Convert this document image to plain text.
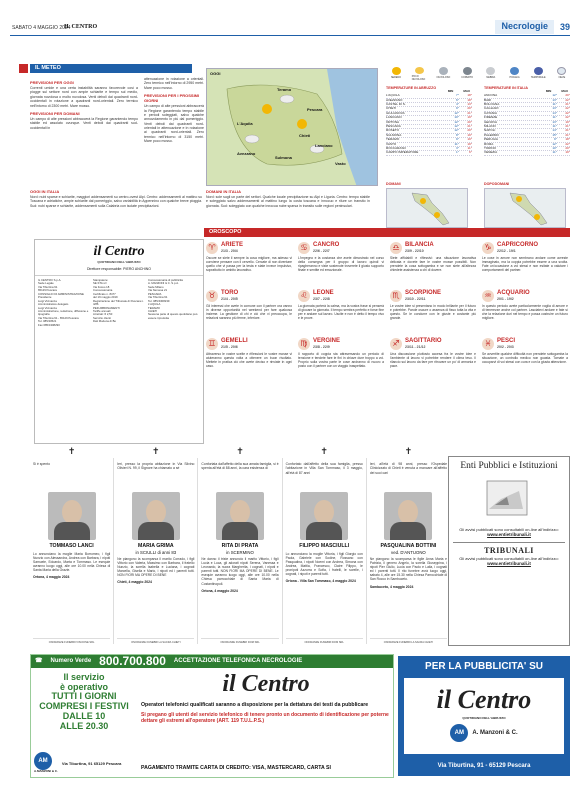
SABATO 4 MAGGIO 2024
IL CENTRO	Necrologie	39
IL METEO
PREVISIONI PER OGGI
Correnti umide e una certa instabilità saranno favorevole così a piogge sul settore nord con ampie schiarite e tempo sul medio, giornata nuvolosa o molto nuvolosa. Venti deboli dai quadranti nord-occidentali in rotazione a quadranti nord-orientali. Zero termico nell'intorno di 2300 metri. Mare mosso.
PREVISIONI PER DOMANI
Un campo di alte pressioni abbraccerà la Regione garantendo tempo stabile ed assolato ovunque. Venti deboli dai quadranti sud-occidentali in
attenuazione in rotazione a orientali. Zero termico nell'intorno di 2950 metri. Mare poco mosso.
PREVISIONI PER I PROSSIMI GIORNI
Un campo di alte pressioni abbraccerà la Regione garantendo tempo stabile e periodi soleggiati, salvo qualche annuvolamento in più dal pomeriggio. Venti deboli dai quadranti nord-orientali in attenuazione e in rotazione ai quadranti nord-orientali. Zero termico nell'intorno di 3150 metri. Mare poco mosso.
OGGI
Teramo
Pescara
L'Aquila
Chieti
Vasto
Avezzano
Sulmona
Lanciano
SERENO	POCO NUVOLOSO
NUVOLOSO	COPERTO	NEBBIA	PIOGGIA	TEMPORALE	NEVE
TEMPERATURE IN ABRUZZO
MIN	MAX
L'AQUILA	7°	18°
AVEZZANO	6°	18°
CASTEL DI S.	4°	13°
CHIETI	9°	20°
GIULIANOVA	12°	21°
LANCIANO	10°	19°
ORTONA	12°	20°
PESCARA	12°	21°
ROSETO	12°	20°
SULMONA	8°	19°
TERAMO	9°	19°
VASTO	11°	19°
ROCCARASO	3°	11°
CAMPO IMPERATORE	1°	6°
TEMPERATURE IN ITALIA
MIN	MAX
ANCONA	12°	20°
BARI	13°	22°
BOLOGNA	11°	21°
CAGLIARI	13°	22°
CATANIA	14°	22°
FIRENZE	11°	22°
GENOVA	13°	19°
MILANO	11°	21°
NAPOLI	14°	21°
PALERMO	15°	21°
PERUGIA	9°	18°
ROMA	12°	22°
TORINO	10°	20°
VENEZIA	11°	19°
DOMANI	DOPODOMANI
OGGI IN ITALIA
Nord: nubi sparse e schiarite, maggiori addensamenti su centro-ovest Alpi. Centro: addensamenti al mattino su Toscana e adriatiche, ampie schiarite dal pomeriggio, salvo variabilità in Appennino con qualche breve pioggia. Sud: nubi sparse e schiarite, addensamenti sulla Calabria con isolate precipitazioni.
DOMANI IN ITALIA
Nord: sole sugli un parte del settori. Qualche locale precipitazione su Alpi e Liguria. Centro: tempo stabile e soleggiato salvo addensamenti al mattino lungo la costa toscana e innocuo e rilure un transito in giornata. Sud: soleggiato con qualche innocua nube sparsa in transito sulle regioni peninsulari.
il Centro
QUOTIDIANO DELL'ABRUZZO
Direttore responsabile: PIERO ANCHINO
IL CENTRO S.p.A.
Sede Legale
Via Tiburtina 91
65129 Pescara
CONSIGLIO DI AMMINISTRAZIONE
Presidente
Luigi Vicinanza
Amministratore delegato
Luigi Vicinanza
Amministrazione, redazione, diffusione e tipografia
Via Tiburtina 91 - 65129 Pescara
Tel. 085/20521
Fax 085/4308290
Stampatore:
SE.STA srl
Via Fosso 18
Concessionaria
Certificato n. 8477
del 19 maggio 2019
Registrazione del Tribunale di Pescara n. 4/86
PER ABBONAMENTI
Tariffe annuali
Arretrati: € 2,50
Servizio clienti
Dati Modena di Bo
Concessionaria di pubblicità
A. MANZONI & C. S.p.A.
Sede Milano
Via Nervesa 21
PESCARA
Via Tiburtina 91
Tel. 085/4308239
L'AQUILA
TERAMO
CHIETI
Nessuna parte di questo quotidiano può essere riprodotta
OROSCOPO
♈ ARIETE
21/3 - 20/4
Oscure se siete il sempre la cosa migliore, ma adesso vi conviene pensare con il cervello. Cercate di non diventare quello che vi passa per la testa e state invece impulsivo, soprattutto in ambito lavorativo.
♋ CANCRO
22/6 - 22/7
L'impegno e la costanza che avete dimostrato nel corso della consegna per il gruppo di lavoro quindi vi ripagheranno e viste sostenute troverete il giusto supporto finale e sentite ed emozionale.
♎ BILANCIA
23/9 - 22/10
Siete affidabili e riflessivi: una situazione lavorativa delicata e dovete fare le vostre mosse possibili. Non prendete la cosa sottogamba e se non siete all'altezza chiedete assistenza a chi di dovere.
♑ CAPRICORNO
22/12 - 19/1
Le cose in amore non sembrano andare come avreste immaginato, ma la coppia potrebbe essere a una svolta. Fate un'occasione a voi stessi e non esitate a valutare i comportamenti del partner.
♉ TORO
21/4 - 20/5
Gli interessi che avete in comune con il partner ora vanno in diverse opportunità nel weekend per fare qualcosa insieme. La gestione di chi e ciò che vi preoccupa, le relazioni saranno più ferme, inferiore.
♌ LEONE
23/7 - 22/8
La giornata porterà la calma, ma la vostra frase si penserà di giocare la giornata. Il tempo sembra perfetto e forse fine per e andare sul lavoro. Uscite e non è detto il tempo vivo e le prove.
♏ SCORPIONE
23/10 - 22/11
Le vostre idee si presentano in modo brillante per il futuro e potrebbe. Parole oscure o assenza di fisso tutta la vita e questo. Se le condurre con le giuste e costante più grande.
♒ ACQUARIO
20/1 - 19/2
In questo periodo avete particolarmente voglia di amore e di tenerezze anche col partner. Lasciatevi andare e fate sì che la relazione duri nel tempo e possa costruire un futuro migliore.
♊ GEMELLI
21/5 - 20/6
Attraverso le vostre scelte e riflessioni le vostre mosse vi aiuteranno questa volta a ottenere un buon risultato. Mettete in pratica ciò che avete deciso e rinviate in ogni caso.
♍ VERGINE
23/8 - 22/9
Il rapporto di coppia sta attraversando un periodo di tensione e tendete fare le fini in chiave dure troppo a voi. Proprio sulla vostra parte le cose andranno di nuovo a posto con il partner con un viaggio inaspettato.
♐ SAGITTARIO
23/11 - 21/12
Una discussione piuttosto accesa fra le vostre idee e l'ambiente di lavoro vi potrebbe rendere il clima teso. Il rilancio sul lavoro da fare per ritrovare un po' di armonia e pace.
♓ PESCI
20/2 - 20/3
Se avvertite qualche difficoltà non prendete sottogamba la situazione, un controllo medico non guasta. Tornate a occuparvi di voi stessi con cura e con la giusta attenzione.
✝
Si è spento
TOMMASO LANCI
Lo annunciano la moglie Maria Borromeo, i figli Nunzio con Alessandra, Andrea con Barbara, i nipoti Samuele, Edoardo, Marta e Tommaso. Le esequie avranno luogo oggi, alle ore 10.00 nella Chiesa di Santa Maria della Grazie.
Ortona, 4 maggio 2024
ONORANZE FUNEBRI VISCIONE SRL
✝
Ieri, presso la propria abitazione in Via Silvino Olivieri N. 99, il Signore ha chiamato a sé
MARIA GRIMA
in SCIULLI di anni 83
Ne piangono la scomparsa il marito Corrado, i figli Vittorio con Valeria, Massimo con Barbara, il fratello Nunzio, la sorella Isabella e Luciana, i cognati Marcella, Gisella e Mario, i nipoti ed i parenti tutti. NON FIORI MA OPERE DI BENE
Chieti, 4 maggio 2024
ONORANZE FUNEBRI LA SACRA CHIETI
✝
Confortata dall'affetto della sua amata famiglia, si è spenta all'età di 88 anni, la cara esistenza di
RITA DI PRATA
in SCERMINO
Ne danno il triste annuncio il marito Vittorio, i figli Lucia e Luca, gli adorati nipoti Serena, Vanessa e Leonardo, la nuora Margherita, i cognati, i nipoti e parenti tutti. NON FIORI MA OPERE DI BENE. Le esequie avranno luogo oggi, alle ore 10.00 nella Chiesa parrocchiale di Santa Maria di Costantinopoli.
Ortona, 4 maggio 2024
ONORANZE FUNEBRI DOM SRL
✝
Confortato dall'affetto della sua famiglia, presso l'abitazione in Villa San Tommaso, il 3 maggio, all'età di 87 anni
FILIPPO MASCIULLI
Lo annunciano la moglie Vittoria, i figli Giorgio con Paola, Gabriele con Sodine, Rossano con Pasqualina, i nipoti Noemi con Andrea, Simona con Andrea, Mattia, Francesco, Claire Filippo, le pronipoti Azzurra e Sofia, i fratelli, le sorelle, i cognati, i nipoti e parenti tutti.
Ortona - Villa San Tommaso, 4 maggio 2024
ONORANZE FUNEBRI DOM SRL
✝
Ieri, all'età di 98 anni, presso l'Ospedale Clinicizzato di Chieti è venuta a mancare all'affetto dei suoi cari
PASQUALINA BOTTINI
ved. D'ANTUONO
Ne piangono la scomparsa le figlie Anna Maria e Patrizia, il genero Angelo, la sorella Giuseppina, i nipoti Pier Giulio, Lucia con Paolo e Laila, i cognati ed i parenti tutti. Il rito funebre avrà luogo oggi, sabato 4, alle ore 15.30 nella Chiesa Parrocchiale di San Rocco in Sambuceto.
Sambuceto, 4 maggio 2024
ONORANZE FUNEBRI LA SACRA CHIETI
Enti Pubblici e Istituzioni
Gli avvisi pubblicati sono consultabili on-line all'indirizzo:
www.entietribunali.it
TRIBUNALI
Gli avvisi pubblicati sono consultabili on-line all'indirizzo:
www.entietribunali.it
☎ Numero Verde 800.700.800 ACCETTAZIONE TELEFONICA NECROLOGIE
Il servizio
è operativo
TUTTI I GIORNI
COMPRESI I FESTIVI
DALLE 10
ALLE 20.30
il Centro
Operatori telefonici qualificati saranno a disposizione per la dettatura dei testi da pubblicare
Si pregano gli utenti del servizio telefonico di tenere pronto un documento di identificazione per poterne dettare gli estremi all'operatore (ART. 119 T.U.L.P.S.)
PAGAMENTO TRAMITE CARTA DI CREDITO: VISA, MASTERCARD, CARTA SI
AM
A.MANZONI & C.
Via Tiburtina, 91 65129 Pescara
PER LA PUBBLICITA' SU
il Centro
QUOTIDIANO DELL'ABRUZZO
AM	A. Manzoni & C.
Via Tiburtina, 91 - 65129 Pescara
